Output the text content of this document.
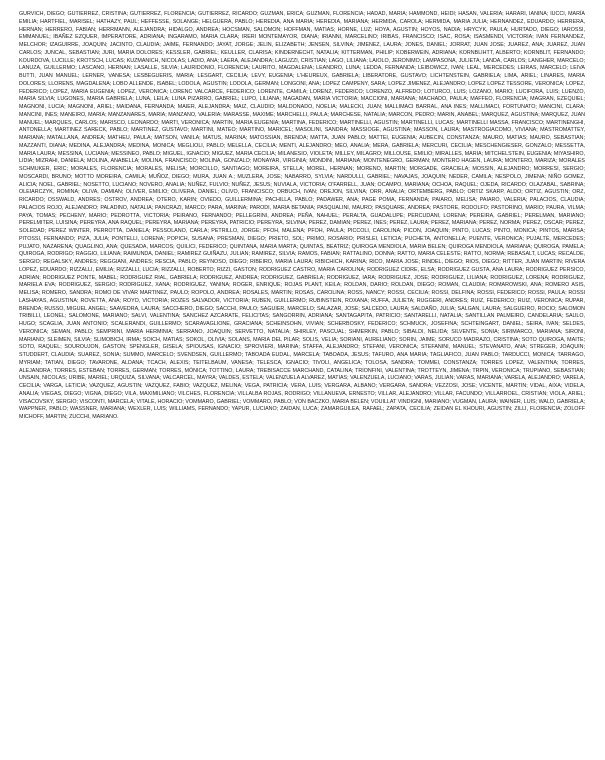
GURVICH, DIEGO; GUTIERREZ, CRISTINA; GUTIERREZ, FLORENCIA; GUTIERREZ, RICARDO; GUZMAN, ERICA; GUZMAN, FLORENCIA; HADAD, MARIA; HAMMOND, HEIDI; HASAN, VALERIA; HARARI, IANINA; IUCCI, MARÍA EMILIA; HARTFIEL, MARISEL; HATHAZY, PAUL; HEFFESSE, SOLANGE; HELGUERA, PABLO; HEREDIA, ANA MARIA; HEREDIA, MARIANA; HERMIDA, CAROLA; HERMIDA, MARIA JULIA; HERNANDEZ, EDUARDO; HERRERA, HERNAN; HERRERO, FABIAN; HERRMANN, ALEJANDRA; HIDALGO, ANDREA; HOCSMAN, SALOMON; HOFFMAN, MATIAS; HORNE, LUZ; HOYA, AGUSTIN; HOYOS, NADIA; HRYCYK, PAULA; HURTADO, DIEGO; IAROSSI, EMMANUEL; IBAÑEZ EZQUER, IMPERATORE, ADRIANA; INGARAMO, MARIA CLARA; IRERI MONTEMAYOR, DIANA; IRIANNI, MARCELINO; IRIBAS, FRANCISCO; ISAC, ROSA; ISASMENDI, VICTORIA; IVAN FERNANDEZ, MELCHOR; IZAGUIRRE, JOAQUIN; JACINTO, CLAUDIA; JAIME, FERNANDO; JAYAT, JORGE; JELIN, ELIZABETH; JENSEN, SILVINA; JIMENEZ, LAURA; JONES, DANIEL; JORRAT, JUAN JOSE; JUAREZ, ANA; JUAREZ, JUAN CARLOS; JUNCAL, SEBASTIAN; JURI, MARIA DOLORES; KESSLER, GABRIEL; KEULLER, CLARISA; KINDERNECHT, NATALIA; KITTERMAN, PHILIP; KOBERWEIN, ADRIANA; KORNBLIHTT, ALBERTO; KORNBLIT, FERNANDO; KOURDOVA, LUCILLE; KROTSCH, LUCAS; KUZMANICH, NICOLAS; LADIO, ANA; LAERA, ALEJANDRA; LAGUZZI, CRISTIAN; LAGO, LILIANA; LAIOLO, JERONIMO; LAMPASONA, JULIETA; LANDA, CARLOS; LANGHER, MARCELO; LANUZA, GUILLERMO; LASCANO, HERNAN; LASALLE, SILVIA; LAURIDONIO, FLORENCIA; LAURITO, MAGDALENA; LEANDRO, LUNA; LEDDA, FERNANDA; LEIBOWICZ, IVAN; LEAL, MERCEDES; LEIRAS, MARCELO; LEIVA BUTTI, JUAN MANUEL; LERNER, VANESA; LESBEGUERIS, MARIA; LESGART, CECILIA; LEVY, EUGENIA; L'HEUREUX, GABRIELA; LIBERATORE, GUSTAVO; LICHTENSTEIN, GABRIELA; LIMA, ARIEL; LINARES, MARIA DOLORES; LLORENS, MAGDALENA; LOBO ALLENDE, ISABEL; LODOLA, AGUSTIN; LODOLA, GERMAN; LONGONI, ANA; LOPEZ CAMPENY, SARA; LOPEZ JIMENEZ, ALEJANDRO; LOPEZ LOPEZ TESSORE, VERONICA; LOPEZ, FEDERICO; LOPEZ, MARIA EUGENIA; LOPEZ, VERONICA; LORENC VALCARCE, FEDERICO; LORENTE, CAMILA; LORENZ, FEDERICO; LORENZO, ALFREDO; LOTURCO, LUIS; LOZANO, MARIO; LUCIFORA, LUIS; LUENZO, MARIA SILVIA; LUGONES, MARIA GABRIELA; LUNA, LEILA; LUNA PIZARRO, GABRIEL; LUPO, LILIANA; MAGADAN, MARIA VICTORIA; MACCIONI, MARIANA; MACHADO, PAULA; MAFFEO, FLORENCIA; MAGRAN, EZEQUIEL; MAGNONI, LUCIA; MAGNONI, ARIEL; MAIDANA, FERNANDA; MAIER, ALEJANDRA; MAIZ, CLAUDIO; MALDONADO, NOELIA; MALECKI, JUAN; MALLIMACI BARRAL, ANA INES; MALLIMACI, FORTUNATO; MANCINI, CLARA; MANCINI, INES; MANEIRO, MARIA; MANZANARES, MARIA; MANZANO, VALERIA; MARASSE, MAXIME; MARCHELLI, PAULA; MARCHESE, NATALIA; MARCON, PEDRO; MARIN, ANABEL; MARQUEZ, AGUSTINA; MARQUEZ, JUAN MANUEL; MARQUES, CARLOS; MARISCO, LEONARDO; MARTI, VERONICA; MARTIN, MARIA EUGENIA; MARTINA, FEDERICO; MARTINELLI, AGUSTIN; MARTINELLI, LUCAS; MARTINELLI MASSA, FRANCISCO; MARTINENGHI, ANTONELLA; MARTINEZ SARECK, PABLO; MARTINEZ, GUSTAVO; MARTINI, MATEO; MARTINO, MARICEL; MASOLINI, SANDRA; MASSIOGE, AGUSTINA; MASSON, LAURA; MASTROGIACOMO, VIVIANA; MASTROMATTEY, MARIANA; MATALLANA, ANDREA; MATHEU, PAULA; MATSON, VANILA; MATUS, MARINA; MATOSSIAN, BRENDA; MATTA, JUAN PABLO; MATTEI, EUGENIA; AUBECIN, CONSTANZA; MAURO, MATIAS; MAURO, SEBASTIAN; MAZZANTI, DIANA; MEDINA, ALEJANDRA; MEDINA, MONICA; MEGLIOLI, PABLO; MELELLA, CECILIA; MENTI, ALEJANDRO; MEO, ANALIA; MERA, GABRIELA; MERCURI, CECILIA; MESCHENGIESER, GONZALO; MESSETTA, MARIA LAURA; MESSINA, LUCIANA; MESSINEO, PABLO; MIGUEL, IGNACIO; MIGUEZ, MARIA CECILIA; MILANESIO, VIOLETA; MILLEY, MILAGRO; MILLOUSE, EMILIO; MIRALLES, MARIA; MITCHELSTEIN, EUGENIA; MIYASHIRO, LIDIA; MIZRAHI, DANIELA; MOLINA, ANABELLA; MOLINA, FRANCISCO; MOLINA, GONZALO; MONAYAR, VIRGINIA; MONDINI, MARIANA; MONTENEGRO, GERMAN; MONTERO HAGEN, LAURA; MONTERO, MARIZA; MORALES SCHMUKER, ERIC; MORALES, FLORENCIA; MORALES, MELISA; MORCILLO, SANTIAGO; MOREIRA, STELLA; MOREL, HERNAN; MORENO, MARTIN; MORGADE, GRACIELA; MOSSIN, ALEJANDRO; MORRESI, SERGIO; MOSCARDI, BRUNO; MOTTO MOREIRA, CAMILA; MUÑOZ, DIEGO; MURA, JUAN A.; MUZLERA, JOSE; NABARRO, SYLVIA; NARDULLI, GABRIEL; NAVAJAS, JOAQUIN; NEDER, CAMILA; NESPOLO, JIMENA; NIÑO GOMEZ, ALICIA; NOEL, GABRIEL; NOSETTO, LUCIANO; NOVERO, ANALIA; NUÑEZ, FULVIO; NUÑEZ, JESUS; NUVIALA, VICTORIA; O'FARRELL, JUAN; OCAMPO, MARIANA; OCHOA, RAQUEL; OJEDA, RICARDO; OLAZABAL, SABRINA; OLEIARCZYK, ROMINA; OLIVA, DAMIAN; OLIVER, EMILIO; OLIVERA, DANIEL; OLIVO, FRANCISCO; ORBUCH, IVAN; OREJON, SILVINA; ORR, ANALIA; ORTEMBERG, PABLO; ORTIZ SKARP, ALDO; ORTIZ, AGUSTIN; ORZ, RICARDO; OSSWALD, ANDRES; OSTROV, ANDREA; OTERO, KARIN; OVIEDO, GUILLERMINA; PACHILLA, PABLO; PADAWER, ANA; PAGE POMA, FERNANDA; PAIARO, MELISA; PAIARO, VALERIA; PALACIOS, CLAUDIA; PALACIOS ROJO, ALEJANDRO; PALADINO, NATALIA; PANCRAZI, MARCO; PARA, MARINA; PARODI, MARIA BETANIA; PASQUALINI, MAURO; PASQUARE, ANDREA; PASTORE, RODOLFO; PASTORINO, MARIO; PAURA, VILMA; PAYA, TOMAS; PECHENY, MARIO; PEDROTTA, VICTORIA; PEIRANO, FERNANDO; PELLEGRINI, ANDREA; PEÑA, NAHUEL; PERALTA, GUADALUPE; PERCUDANI, LORENA; PEREIRA, GABRIEL; PERELMAN, MARIANO; PERELMITER, LUISINA; PEREYRA, ANA RAQUEL; PEREYRA, MARIANA; PEREYRA, PATRICIO; PEREYRA, SILVINA; PEREZ, DAMIAN; PEREZ, INES; PEREZ, LAURA; PEREZ, MARIANA; PEREZ, NORMA; PEREZ, OSCAR; PEREZ, SOLEDAD; PEREZ WINTER, PERROTTA, DANIELA; PESSOLANO, CARLA; PETRILLO, JORGE; PFOH, MALENA; PFOH, PAULA; PICCOLI, CAROLINA; PICON, JOAQUIN; PINTO, LUCAS; PINTO, MONICA; PINTOS, MARISA; PITOSSI, FERNANDO; PIZA, JULIA; PONTELLI, LORENA; POPICH, SUSANA; PRESMAN, DIEGO; PRIETO, SOL; PRIMO, ROSARIO; PRISLEI, LETICIA; PUCHETA, ANTONELLA; PUENTE, VERONICA; PUJALTE, MERCEDES; PUJATO, NAZARENA; QUAGLINO, ANA; QUESADA, MARCOS; QUILICI, FEDERICO; QUINTANA, MARIA MARTA; QUINTAS, BEATRIZ; QUIROGA MENDIOLA, MARIA BELEN; QUIROGA MENDIOLA, MARIANA; QUIROGA, PAMELA; QUIROGA, RODRIGO; RAGGIO, LILIANA; RAIMUNDA, DANIEL; RAMIREZ GUIÑAZU, JULIAN; RAMIREZ, SILVIA; RAMOS, FABIAN; RATTALINO, DONNA; RATTO, MARIA CELESTE; RATTO, NORMA; REBASALT, LUCAS; RECALDE, SERGIO; REGALSKY, ANDRES; REGGIANI, ANDRES; RESCIA, PABLO; REYNOSO, DIEGO; RIBEIRO, MARIA LAURA; RIBICHICH, KARINA; RICO, MARIA JOSE; RINDEL, DIEGO; RIOS, DIEGO; RITTER, JUAN MARTIN; RIVERA LOPEZ, EDUARDO; RIZZALLI, EMILIA; RIZZALLI, LUCIA; RIZZALLI, ROBERTO; RIZZI, GASTON; RODRIGUEZ CASTRO, MARIA CAROLINA; RODRIGUEZ CIDRE, ELSA; RODRIGUEZ GUSTA, ANA LAURA; RODRIGUEZ PERSICO, ADRIAN; RODRIGUEZ PONTE, MABEL; RODRIGUEZ RIAL, GABRIELA; RODRIGUEZ, ANDREA; RODRIGUEZ, GABRIELA; RODRIGUEZ, IARA; RODRIGUEZ, JOSE; RODRIGUEZ, LILIANA; RODRIGUEZ, LORENA; RODRIGUEZ, MARIELA EVA; RODRIGUEZ, SERGIO; RODRIGUEZ, XANA; RODRIGUEZ, YANINA; ROGER, ENRIQUE; ROJAS PLANT, KEILA; ROLDAN, DARIO; ROLDAN, DIEGO; ROMAN, CLAUDIA; ROMAROWSKI, ANA; ROMERO ASIS, MELISA; ROMERO, SANDRA; ROMO DE VIVAR MARTINEZ, PAULO; ROPOLO, ANDREA; ROSALES, MARTIN; ROSAS, CAROLINA; ROSS, NANCY; ROSSI, CECILIA; ROSSI, DELFINA; ROSSI, FEDERICO; ROSSI, PAULA; ROSSI LASHAYAS, AGUSTINA; ROVETTA, ANA; ROYO, VICTORIA; ROZES SALVADOR, VICTORIA; RUBEN, GUILLERMO; RUBINSTEIN, ROXANA; RUFFA, JULIETA; RUGGERI, ANDRES; RUIZ, FEDERICO; RUIZ, VERONICA; RUPAR, BRENDA; RUSSO, MIGUEL ANGEL; SAAVEDRA, LAURA; SACCHERO, DIEGO; SACCHI, PAULO; SAGUIER, MARCELO; SALAZAR, JOSE; SALCEDO, LAURA; SALDAÑO, JULIA; SALGAN, LAURA; SALGUEIRO, ROCIO; SALOMON TRIBILLI, LEONEL; SALOMONE, MARIANO; SALVI, VALENTINA; SANCHEZ AZCARATE, FELICITAS; SANGORRIN, ADRIANA; SANTAGAPITA, PATRICIO; SANTARELLI, NATALIA; SANTILLAN PALMEIRO, CANDELARIA; SAULO, HUGO; SCAGLIA, JUAN ANTONIO; SCALERANDI, GUILLERMO; SCARAVAGLIONE, GRACIANA; SCHEINSOHN, VIVIAN; SCHERBOSKY, FEDERICO; SCHMUCK, JOSEFINA; SCHTEINGART, DANIEL; SEIRA, IVAN; SELDES, VERONICA; SEMAN, PABLO; SEMPRINI, MARIA HERMINIA; SERRANO, JOAQUIN; SERVETTO, NATALIA; SHIRLEY, PASCUAL; SHMERKIN, PABLO; SIBALDI, NELIDA; SILVENTE, SONIA; SIRIMARCO, MARIANA; SIRONI, MARIANO; SLEIMEN, SILVIA; SLIMOBICH, IRMA; SOICH, MATIAS; SOKOL, OLIVIA; SOLANS, MARIA DEL PILAR; SOLIS, VELIA; SORIANI, AURELIANO; SORIN, JAIME; SORUCO MADRAZO, CRISTINA; SOTO QUIROGA, MAITE; SOTO, RAQUEL; SOUROUJON, GASTON; SPENGLER, GISELA; SPIOUSAS, IGNACIO; SPROVIERI, MARINA; STAFFA, ALEJANDRO; STEFANI, VERONICA; STEFANINI, MANUEL; STEVANATO, ANA; STREGER, JOAQUIN; STUDDERT, CLAUDIA; SUAREZ, SONIA; SUMMO, MARCELO; SVENDSEN, GUILLERMO; TABOADA EUDAL, MARCELA; TABOADA, JESUS; TAFURO, ANA MARIA; TAGLIAFICO, JUAN PABLO; TARDUCCI, MONICA; TARRAGO, MYRIAM; TATIAN, DIEGO; TAVARONE, ALDANA; TCACH, ALEXIS; TEITELBAUM, VANESA; TELESCA, IGNACIO; TIVOLI, ANGELICA; TOLOSA, SANDRA; TOMMEI, CONSTANZA; TORRES LOPEZ, VALENTINA; TORRES, ALEJANDRA; TORRES, ESTEBAN; TORRES, GERMAN; TORRES, MÓNICA; TOTTINO, LAURA; TREBISACCE MARCHAND, CATALINA; TRIONFINI, VALENTINA; TROTTEYN, JIMENA; TRPIN, VERONICA; TRUPIANO, SEBASTIAN; UNSAIN, NICOLAS; URIBE, MARIEL; URQUIZA, SILVANA; VALCARCEL, MAYRA; VALDES, ESTELA; VALENZUELA ALVAREZ, MATIAS; VALENZUELA, LUCIANO; VARAS, JULIAN; VARAS, MARIANA; VARELA, ALEJANDRO; VARELA, CECILIA; VARGA, LETICIA; VAZQUEZ, AGUSTIN; VAZQUEZ, FABIO; VAZQUEZ, MELINA; VEGA, PATRICIA; VERA, LUIS; VERGARA, ALBANO; VERGARA, SANDRA; VEZZOSI, JOSE; VICENTE, MARTIN; VIDAL, AIXA; VIDELA, ANALIA; VIEGAS, DIEGO; VIGNA, DIEGO; VILA, MAXIMILIANO; VILCHES, FLORENCIA; VILLALBA ROJAS, RODRIGO; VILLANUEVA, ERNESTO; VILLAR, ALEJANDRO; VILLAR, FACUNDO; VILLARROEL, CRISTIAN; VIOLA, ARIEL; VISACOVSKY, SERGIO; VISCONTI, MARCELA; VITALE, HORACIO; VOMMARO, GABRIEL; VOMMARO, PABLO; VON BACZKO, MARIA BELEN; VOUILLAT VINDIGNI, MARIANO; VUGMAN, LAURA; WAINER, LUIS; WALD, GABRIELA; WAPPNER, PABLO; WASSNER, MARIANA; WEXLER, LUIS; WILLIAMS, FERNANDO; YAPUR, LUCIANO; ZAIDAN, LUCA; ZAMARGUILEA, RAFAEL; ZAPATA, CECILIA; ZEIDAN EL KHOURI, AGUSTIN; ZILLI, FLORENCIA; ZOLOFF MICHOFF, MARTIN; ZUCCHI, MARIANO.
